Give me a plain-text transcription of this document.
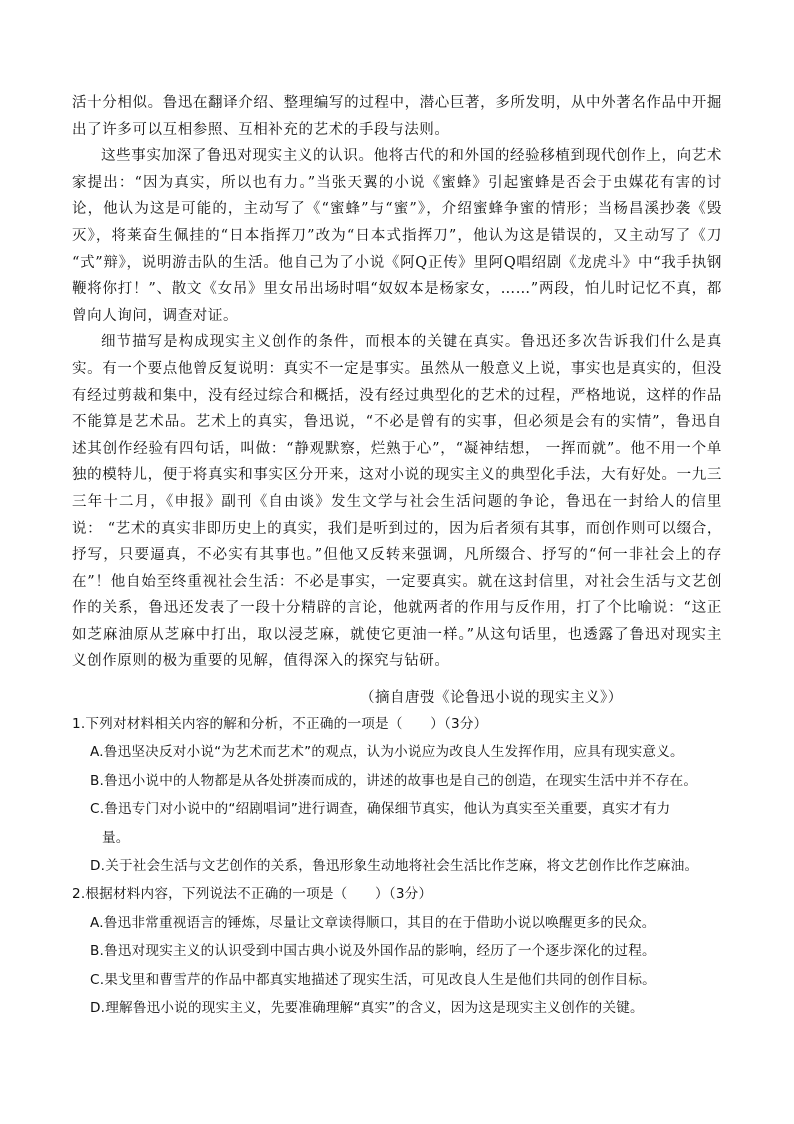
活十分相似。鲁迅在翻译介绍、整理编写的过程中，潜心巨著，多所发明，从中外著名作品中开掘出了许多可以互相参照、互相补充的艺术的手段与法则。

这些事实加深了鲁迅对现实主义的认识。他将古代的和外国的经验移植到现代创作上，向艺术家提出：“因为真实，所以也有力。”当张天翼的小说《蜜蜂》引起蜜蜂是否会于虫媒花有害的讨论，他认为这是可能的，主动写了《“蜜蜂”与“蜜”》，介绍蜜蜂争蜜的情形；当杨昌溪抄袭《毁灭》，将莱奋生佩挂的“日本指挥刀”改为“日本式指挥刀”，他认为这是错误的，又主动写了《刀 “式”辩》，说明游击队的生活。他自己为了小说《阿Q正传》里阿Q唱绍剧《龙虎斗》中“我手执钢鞭将你打！”、散文《女吊》里女吊出场时唱“奴奴本是杨家女，……”两段，怕儿时记忆不真，都曾向人询问，调查对证。

细节描写是构成现实主义创作的条件，而根本的关键在真实。鲁迅还多次告诉我们什么是真实。有一个要点他曾反复说明：真实不一定是事实。虽然从一般意义上说，事实也是真实的，但没有经过剪裁和集中，没有经过综合和概括，没有经过典型化的艺术的过程，严格地说，这样的作品不能算是艺术品。艺术上的真实，鲁迅说，“不必是曾有的实事，但必须是会有的实情”，鲁迅自述其创作经验有四句话，叫做：“静观默察，烂熟于心”，“凝神结想， 一挥而就”。他不用一个单独的模特儿，便于将真实和事实区分开来，这对小说的现实主义的典型化手法，大有好处。一九三三年十二月，《申报》副刊《自由谈》发生文学与社会生活问题的争论，鲁迅在一封给人的信里说： “艺术的真实非即历史上的真实，我们是听到过的，因为后者须有其事，而创作则可以缀合，抒写，只要逼真，不必实有其事也。”但他又反转来强调，凡所缀合、抒写的“何一非社会上的存在”！他自始至终重视社会生活：不必是事实，一定要真实。就在这封信里，对社会生活与文艺创作的关系，鲁迅还发表了一段十分精辟的言论，他就两者的作用与反作用，打了个比喻说：“这正如芝麻油原从芝麻中打出，取以浸芝麻，就使它更油一样。”从这句话里，也透露了鲁迅对现实主义创作原则的极为重要的见解，值得深入的探究与钻研。

（摘自唐弢《论鲁迅小说的现实主义》）

1.下列对材料相关内容的解和分析，不正确的一项是（　　）（3分）

A.鲁迅坚决反对小说“为艺术而艺术”的观点，认为小说应为改良人生发挥作用，应具有现实意义。

B.鲁迅小说中的人物都是从各处拼凑而成的，讲述的故事也是自己的创造，在现实生活中并不存在。

C.鲁迅专门对小说中的“绍剧唱词”进行调查，确保细节真实，他认为真实至关重要，真实才有力

量。

D.关于社会生活与文艺创作的关系，鲁迅形象生动地将社会生活比作芝麻，将文艺创作比作芝麻油。

2.根据材料内容，下列说法不正确的一项是（　　）（3分）

A.鲁迅非常重视语言的锤炼，尽量让文章读得顺口，其目的在于借助小说以唤醒更多的民众。

B.鲁迅对现实主义的认识受到中国古典小说及外国作品的影响，经历了一个逐步深化的过程。

C.果戈里和曹雪芹的作品中都真实地描述了现实生活，可见改良人生是他们共同的创作目标。

D.理解鲁迅小说的现实主义，先要准确理解“真实”的含义，因为这是现实主义创作的关键。
